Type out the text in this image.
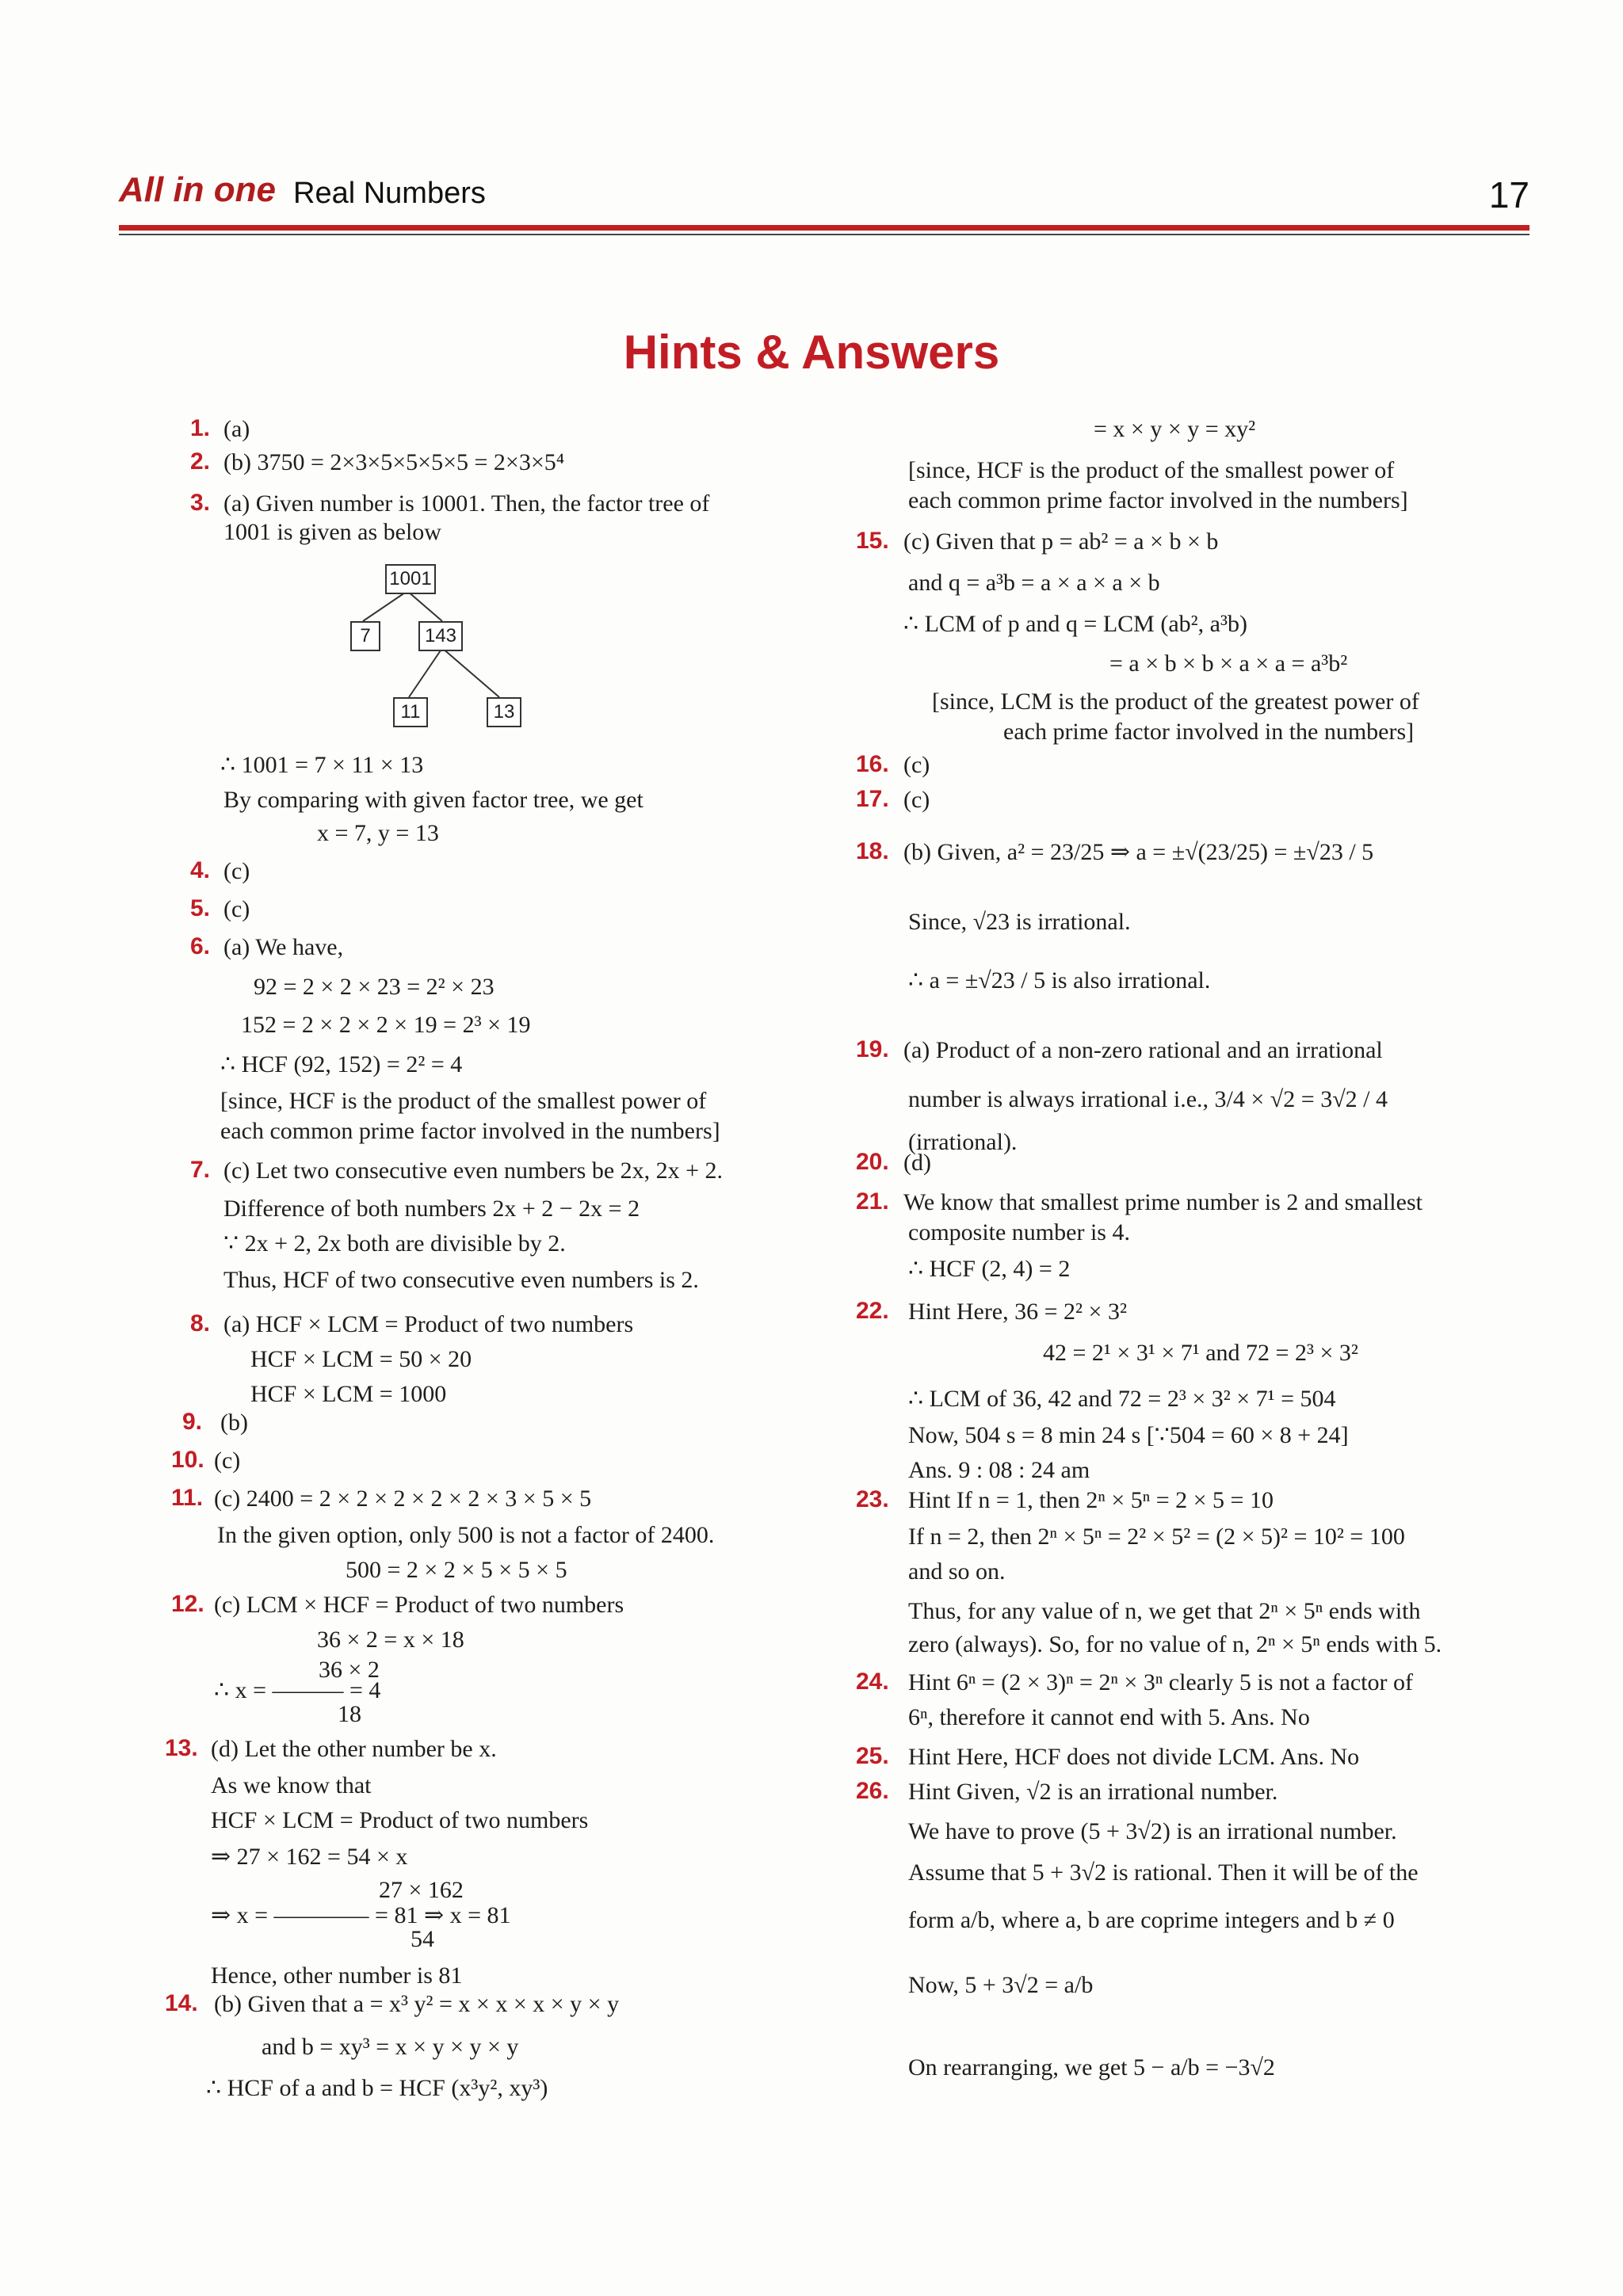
All in one Real Numbers	17
Hints & Answers
1.
2.
3.
4.
5.
6.
7.
8.
9.
10.
11.
12.
13.
14.
(a)
(b) 3750 = 2×3×5×5×5×5 = 2×3×5⁴
(a) Given number is 10001. Then, the factor tree of
1001 is given as below
1001
7	143
11	13
∴ 1001 = 7 × 11 × 13
By comparing with given factor tree, we get
x = 7, y = 13
(c)
(c)
(a) We have,
92 = 2 × 2 × 23 = 2² × 23
152 = 2 × 2 × 2 × 19 = 2³ × 19
∴ HCF (92, 152) = 2² = 4
[since, HCF is the product of the smallest power of
each common prime factor involved in the numbers]
(c) Let two consecutive even numbers be 2x, 2x + 2.
Difference of both numbers 2x + 2 − 2x = 2
∵ 2x + 2, 2x both are divisible by 2.
Thus, HCF of two consecutive even numbers is 2.
(a) HCF × LCM = Product of two numbers
HCF × LCM = 50 × 20
HCF × LCM = 1000
(b)
(c)
(c) 2400 = 2 × 2 × 2 × 2 × 2 × 3 × 5 × 5
In the given option, only 500 is not a factor of 2400.
500 = 2 × 2 × 5 × 5 × 5
(c) LCM × HCF = Product of two numbers
36 × 2 = x × 18
36 × 2
∴ x = ——— = 4
18
(d) Let the other number be x.
As we know that
HCF × LCM = Product of two numbers
⇒ 27 × 162 = 54 × x
27 × 162
⇒ x = ———— = 81 ⇒ x = 81
54
Hence, other number is 81
(b) Given that a = x³ y² = x × x × x × y × y
and b = xy³ = x × y × y × y
∴ HCF of a and b = HCF (x³y², xy³)
15.
16.
17.
18.
19.
20.
21.
22.
23.
24.
25.
26.
= x × y × y = xy²
[since, HCF is the product of the smallest power of
each common prime factor involved in the numbers]
(c) Given that p = ab² = a × b × b
and q = a³b = a × a × a × b
∴ LCM of p and q = LCM (ab², a³b)
= a × b × b × a × a = a³b²
[since, LCM is the product of the greatest power of
each prime factor involved in the numbers]
(c)
(c)
(b) Given, a² = 23/25 ⇒ a = ±√(23/25) = ±√23 / 5
Since, √23 is irrational.
∴ a = ±√23 / 5 is also irrational.
(a) Product of a non-zero rational and an irrational
number is always irrational i.e., 3/4 × √2 = 3√2 / 4
(irrational).
(d)
We know that smallest prime number is 2 and smallest
composite number is 4.
∴ HCF (2, 4) = 2
Hint Here, 36 = 2² × 3²
42 = 2¹ × 3¹ × 7¹ and 72 = 2³ × 3²
∴ LCM of 36, 42 and 72 = 2³ × 3² × 7¹ = 504
Now, 504 s = 8 min 24 s [∵504 = 60 × 8 + 24]
Ans. 9 : 08 : 24 am
Hint If n = 1, then 2ⁿ × 5ⁿ = 2 × 5 = 10
If n = 2, then 2ⁿ × 5ⁿ = 2² × 5² = (2 × 5)² = 10² = 100
and so on.
Thus, for any value of n, we get that 2ⁿ × 5ⁿ ends with
zero (always). So, for no value of n, 2ⁿ × 5ⁿ ends with 5.
Hint 6ⁿ = (2 × 3)ⁿ = 2ⁿ × 3ⁿ clearly 5 is not a factor of
6ⁿ, therefore it cannot end with 5. Ans. No
Hint Here, HCF does not divide LCM. Ans. No
Hint Given, √2 is an irrational number.
We have to prove (5 + 3√2) is an irrational number.
Assume that 5 + 3√2 is rational. Then it will be of the
form a/b, where a, b are coprime integers and b ≠ 0
Now, 5 + 3√2 = a/b
On rearranging, we get 5 − a/b = −3√2
